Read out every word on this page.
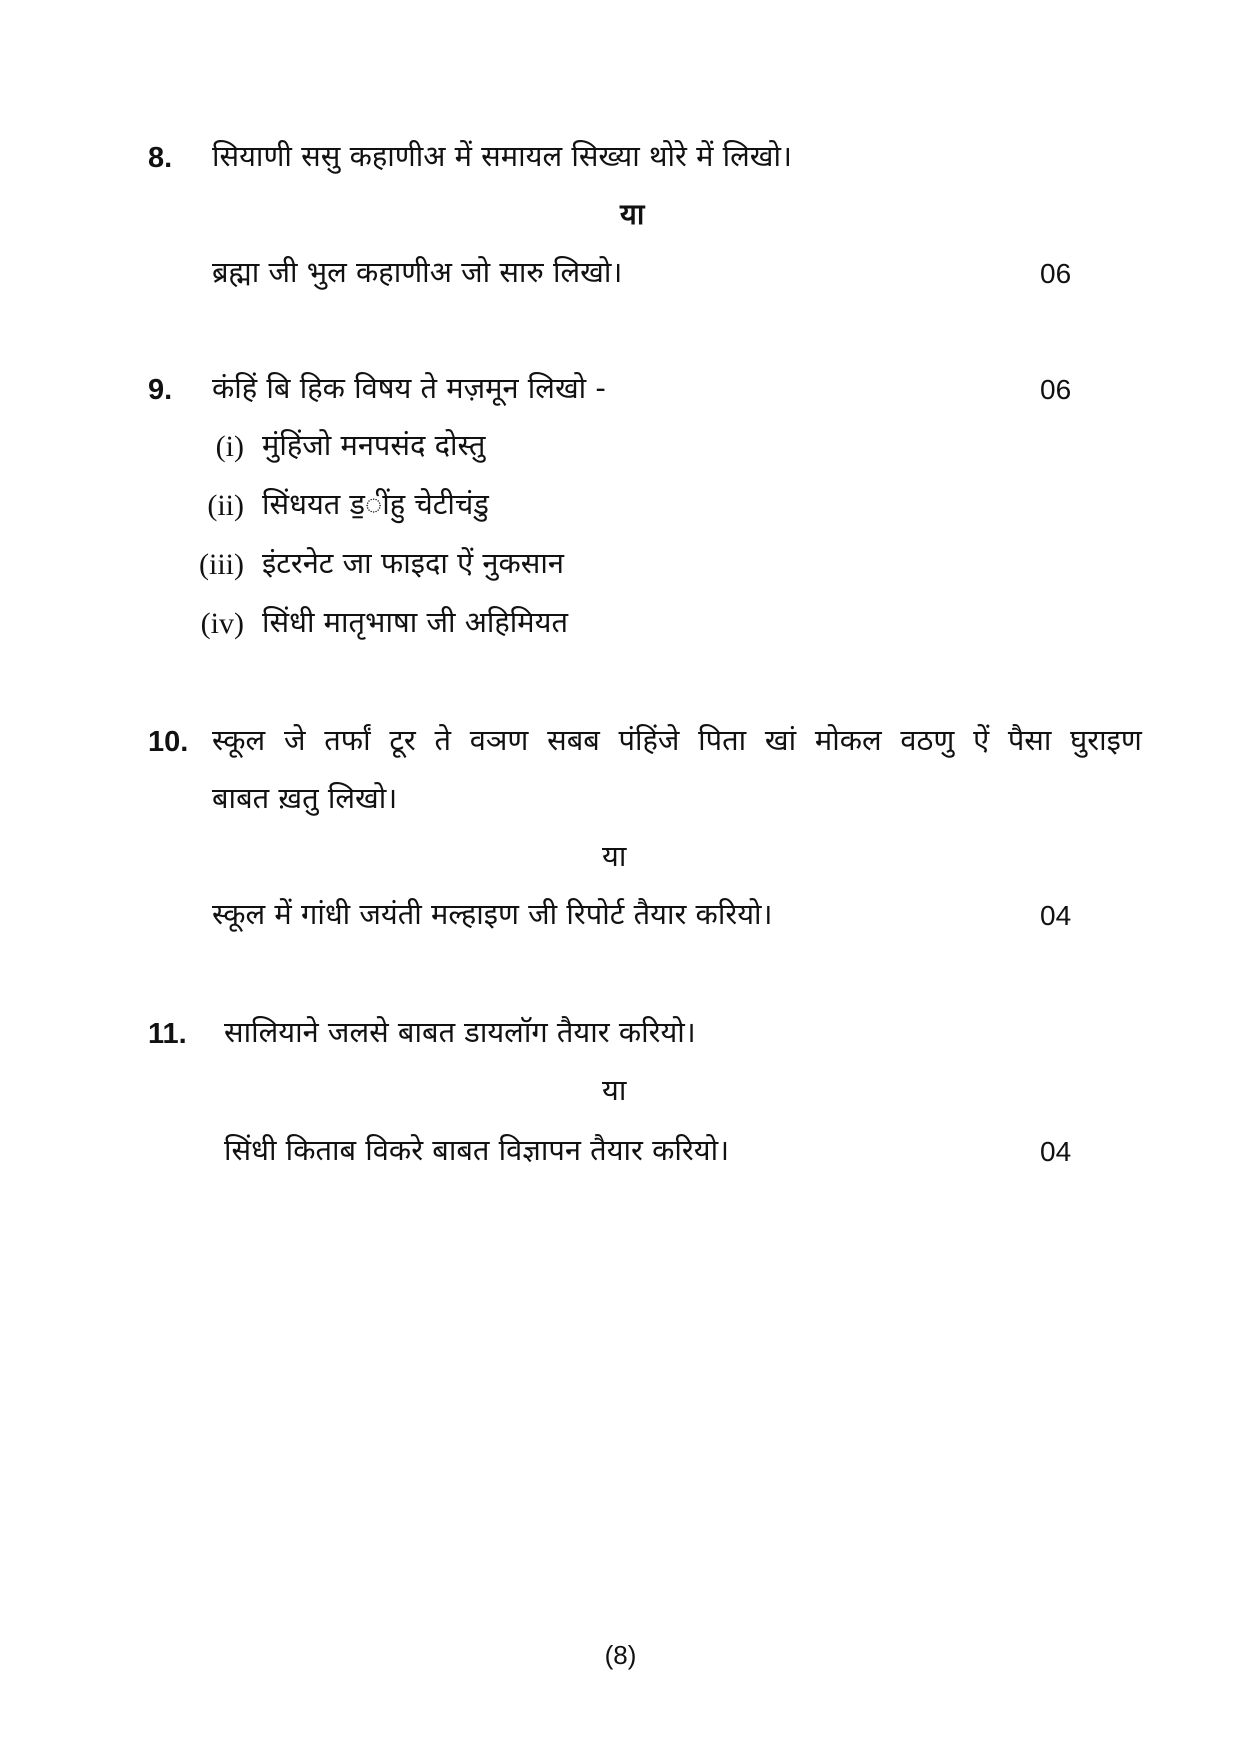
8. सियाणी ससु कहाणीअ में समायल सिख्या थोरे में लिखो।
या
ब्रह्मा जी भुल कहाणीअ जो सारु लिखो।	06
9. कंहिं बि हिक विषय ते मज़मून लिखो -	06
(i) मुंहिंजो मनपसंद दोस्तु
(ii) सिंधयत ड॒ींहु चेटीचंडु
(iii) इंटरनेट जा फाइदा ऐं नुकसान
(iv) सिंधी मातृभाषा जी अहिमियत
10. स्कूल जे तर्फां टूर ते वञण सबब पंहिंजे पिता खां मोकल वठणु ऐं पैसा घुराइण
बाबत ख़तु लिखो।
या
स्कूल में गांधी जयंती मल्हाइण जी रिपोर्ट तैयार करियो।	04
11. सालियाने जलसे बाबत डायलॉग तैयार करियो।
या
सिंधी किताब विकरे बाबत विज्ञापन तैयार करियो।	04
(8)
